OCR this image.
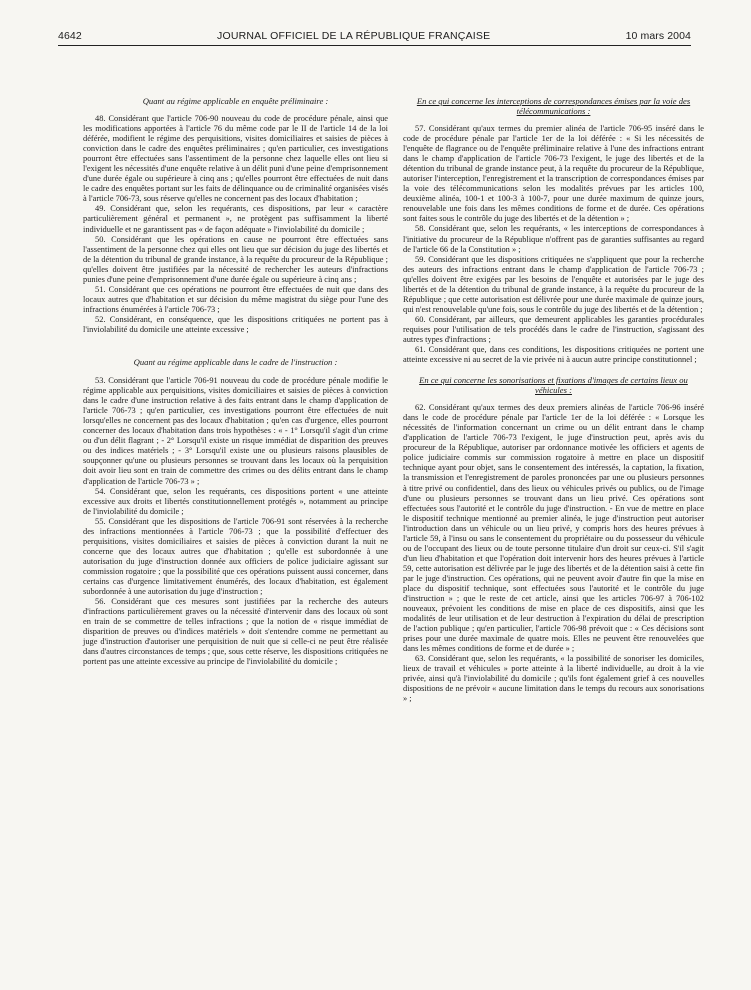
4642	JOURNAL OFFICIEL DE LA RÉPUBLIQUE FRANÇAISE	10 mars 2004

Quant au régime applicable en enquête préliminaire :

48. Considérant que l'article 706-90 nouveau du code de procédure pénale, ainsi que les modifications apportées à l'article 76 du même code par le II de l'article 14 de la loi déférée, modifient le régime des perquisitions, visites domiciliaires et saisies de pièces à conviction dans le cadre des enquêtes préliminaires ; qu'en particulier, ces investigations pourront être effectuées sans l'assentiment de la personne chez laquelle elles ont lieu si l'exigent les nécessités d'une enquête relative à un délit puni d'une peine d'emprisonnement d'une durée égale ou supérieure à cinq ans ; qu'elles pourront être effectuées de nuit dans le cadre des enquêtes portant sur les faits de délinquance ou de criminalité organisées visés à l'article 706-73, sous réserve qu'elles ne concernent pas des locaux d'habitation ;

49. Considérant que, selon les requérants, ces dispositions, par leur « caractère particulièrement général et permanent », ne protègent pas suffisamment la liberté individuelle et ne garantissent pas « de façon adéquate » l'inviolabilité du domicile ;

50. Considérant que les opérations en cause ne pourront être effectuées sans l'assentiment de la personne chez qui elles ont lieu que sur décision du juge des libertés et de la détention du tribunal de grande instance, à la requête du procureur de la République ; qu'elles doivent être justifiées par la nécessité de rechercher les auteurs d'infractions punies d'une peine d'emprisonnement d'une durée égale ou supérieure à cinq ans ;

51. Considérant que ces opérations ne pourront être effectuées de nuit que dans des locaux autres que d'habitation et sur décision du même magistrat du siège pour l'une des infractions énumérées à l'article 706-73 ;

52. Considérant, en conséquence, que les dispositions critiquées ne portent pas à l'inviolabilité du domicile une atteinte excessive ;

Quant au régime applicable dans le cadre de l'instruction :

53. Considérant que l'article 706-91 nouveau du code de procédure pénale modifie le régime applicable aux perquisitions, visites domiciliaires et saisies de pièces à conviction dans le cadre d'une instruction relative à des faits entrant dans le champ d'application de l'article 706-73 ; qu'en particulier, ces investigations pourront être effectuées de nuit lorsqu'elles ne concernent pas des locaux d'habitation ; qu'en cas d'urgence, elles pourront concerner des locaux d'habitation dans trois hypothèses : « - 1° Lorsqu'il s'agit d'un crime ou d'un délit flagrant ; - 2° Lorsqu'il existe un risque immédiat de disparition des preuves ou des indices matériels ; - 3° Lorsqu'il existe une ou plusieurs raisons plausibles de soupçonner qu'une ou plusieurs personnes se trouvant dans les locaux où la perquisition doit avoir lieu sont en train de commettre des crimes ou des délits entrant dans le champ d'application de l'article 706-73 » ;

54. Considérant que, selon les requérants, ces dispositions portent « une atteinte excessive aux droits et libertés constitutionnellement protégés », notamment au principe de l'inviolabilité du domicile ;

55. Considérant que les dispositions de l'article 706-91 sont réservées à la recherche des infractions mentionnées à l'article 706-73 ; que la possibilité d'effectuer des perquisitions, visites domiciliaires et saisies de pièces à conviction durant la nuit ne concerne que des locaux autres que d'habitation ; qu'elle est subordonnée à une autorisation du juge d'instruction donnée aux officiers de police judiciaire agissant sur commission rogatoire ; que la possibilité que ces opérations puissent aussi concerner, dans certains cas d'urgence limitativement énumérés, des locaux d'habitation, est également subordonnée à une autorisation du juge d'instruction ;

56. Considérant que ces mesures sont justifiées par la recherche des auteurs d'infractions particulièrement graves ou la nécessité d'intervenir dans des locaux où sont en train de se commettre de telles infractions ; que la notion de « risque immédiat de disparition de preuves ou d'indices matériels » doit s'entendre comme ne permettant au juge d'instruction d'autoriser une perquisition de nuit que si celle-ci ne peut être réalisée dans d'autres circonstances de temps ; que, sous cette réserve, les dispositions critiquées ne portent pas une atteinte excessive au principe de l'inviolabilité du domicile ;

En ce qui concerne les interceptions de correspondances émises par la voie des télécommunications :

57. Considérant qu'aux termes du premier alinéa de l'article 706-95 inséré dans le code de procédure pénale par l'article 1er de la loi déférée : « Si les nécessités de l'enquête de flagrance ou de l'enquête préliminaire relative à l'une des infractions entrant dans le champ d'application de l'article 706-73 l'exigent, le juge des libertés et de la détention du tribunal de grande instance peut, à la requête du procureur de la République, autoriser l'interception, l'enregistrement et la transcription de correspondances émises par la voie des télécommunications selon les modalités prévues par les articles 100, deuxième alinéa, 100-1 et 100-3 à 100-7, pour une durée maximum de quinze jours, renouvelable une fois dans les mêmes conditions de forme et de durée. Ces opérations sont faites sous le contrôle du juge des libertés et de la détention » ;

58. Considérant que, selon les requérants, « les interceptions de correspondances à l'initiative du procureur de la République n'offrent pas de garanties suffisantes au regard de l'article 66 de la Constitution » ;

59. Considérant que les dispositions critiquées ne s'appliquent que pour la recherche des auteurs des infractions entrant dans le champ d'application de l'article 706-73 ; qu'elles doivent être exigées par les besoins de l'enquête et autorisées par le juge des libertés et de la détention du tribunal de grande instance, à la requête du procureur de la République ; que cette autorisation est délivrée pour une durée maximale de quinze jours, qui n'est renouvelable qu'une fois, sous le contrôle du juge des libertés et de la détention ;

60. Considérant, par ailleurs, que demeurent applicables les garanties procédurales requises pour l'utilisation de tels procédés dans le cadre de l'instruction, s'agissant des autres types d'infractions ;

61. Considérant que, dans ces conditions, les dispositions critiquées ne portent une atteinte excessive ni au secret de la vie privée ni à aucun autre principe constitutionnel ;

En ce qui concerne les sonorisations et fixations d'images de certains lieux ou véhicules :

62. Considérant qu'aux termes des deux premiers alinéas de l'article 706-96 inséré dans le code de procédure pénale par l'article 1er de la loi déférée : « Lorsque les nécessités de l'information concernant un crime ou un délit entrant dans le champ d'application de l'article 706-73 l'exigent, le juge d'instruction peut, après avis du procureur de la République, autoriser par ordonnance motivée les officiers et agents de police judiciaire commis sur commission rogatoire à mettre en place un dispositif technique ayant pour objet, sans le consentement des intéressés, la captation, la fixation, la transmission et l'enregistrement de paroles prononcées par une ou plusieurs personnes à titre privé ou confidentiel, dans des lieux ou véhicules privés ou publics, ou de l'image d'une ou plusieurs personnes se trouvant dans un lieu privé. Ces opérations sont effectuées sous l'autorité et le contrôle du juge d'instruction. - En vue de mettre en place le dispositif technique mentionné au premier alinéa, le juge d'instruction peut autoriser l'introduction dans un véhicule ou un lieu privé, y compris hors des heures prévues à l'article 59, à l'insu ou sans le consentement du propriétaire ou du possesseur du véhicule ou de l'occupant des lieux ou de toute personne titulaire d'un droit sur ceux-ci. S'il s'agit d'un lieu d'habitation et que l'opération doit intervenir hors des heures prévues à l'article 59, cette autorisation est délivrée par le juge des libertés et de la détention saisi à cette fin par le juge d'instruction. Ces opérations, qui ne peuvent avoir d'autre fin que la mise en place du dispositif technique, sont effectuées sous l'autorité et le contrôle du juge d'instruction » ; que le reste de cet article, ainsi que les articles 706-97 à 706-102 nouveaux, prévoient les conditions de mise en place de ces dispositifs, ainsi que les modalités de leur utilisation et de leur destruction à l'expiration du délai de prescription de l'action publique ; qu'en particulier, l'article 706-98 prévoit que : « Ces décisions sont prises pour une durée maximale de quatre mois. Elles ne peuvent être renouvelées que dans les mêmes conditions de forme et de durée » ;

63. Considérant que, selon les requérants, « la possibilité de sonoriser les domiciles, lieux de travail et véhicules » porte atteinte à la liberté individuelle, au droit à la vie privée, ainsi qu'à l'inviolabilité du domicile ; qu'ils font également grief à ces nouvelles dispositions de ne prévoir « aucune limitation dans le temps du recours aux sonorisations » ;
